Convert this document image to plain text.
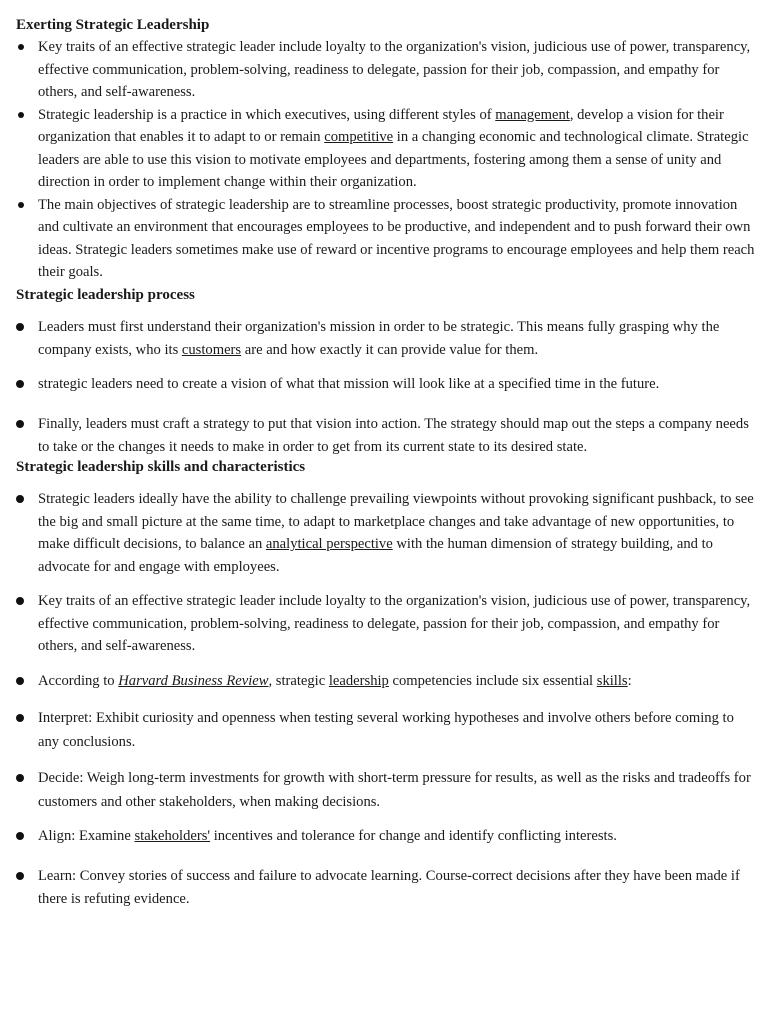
Exerting Strategic Leadership
Key traits of an effective strategic leader include loyalty to the organization's vision, judicious use of power, transparency, effective communication, problem-solving, readiness to delegate, passion for their job, compassion, and empathy for others, and self-awareness.
Strategic leadership is a practice in which executives, using different styles of management, develop a vision for their organization that enables it to adapt to or remain competitive in a changing economic and technological climate. Strategic leaders are able to use this vision to motivate employees and departments, fostering among them a sense of unity and direction in order to implement change within their organization.
The main objectives of strategic leadership are to streamline processes, boost strategic productivity, promote innovation and cultivate an environment that encourages employees to be productive, and independent and to push forward their own ideas. Strategic leaders sometimes make use of reward or incentive programs to encourage employees and help them reach their goals.
Strategic leadership process
Leaders must first understand their organization's mission in order to be strategic. This means fully grasping why the company exists, who its customers are and how exactly it can provide value for them.
strategic leaders need to create a vision of what that mission will look like at a specified time in the future.
Finally, leaders must craft a strategy to put that vision into action. The strategy should map out the steps a company needs to take or the changes it needs to make in order to get from its current state to its desired state.
Strategic leadership skills and characteristics
Strategic leaders ideally have the ability to challenge prevailing viewpoints without provoking significant pushback, to see the big and small picture at the same time, to adapt to marketplace changes and take advantage of new opportunities, to make difficult decisions, to balance an analytical perspective with the human dimension of strategy building, and to advocate for and engage with employees.
Key traits of an effective strategic leader include loyalty to the organization's vision, judicious use of power, transparency, effective communication, problem-solving, readiness to delegate, passion for their job, compassion, and empathy for others, and self-awareness.
According to Harvard Business Review, strategic leadership competencies include six essential skills:
Interpret: Exhibit curiosity and openness when testing several working hypotheses and involve others before coming to any conclusions.
Decide: Weigh long-term investments for growth with short-term pressure for results, as well as the risks and tradeoffs for customers and other stakeholders, when making decisions.
Align: Examine stakeholders' incentives and tolerance for change and identify conflicting interests.
Learn: Convey stories of success and failure to advocate learning. Course-correct decisions after they have been made if there is refuting evidence.
